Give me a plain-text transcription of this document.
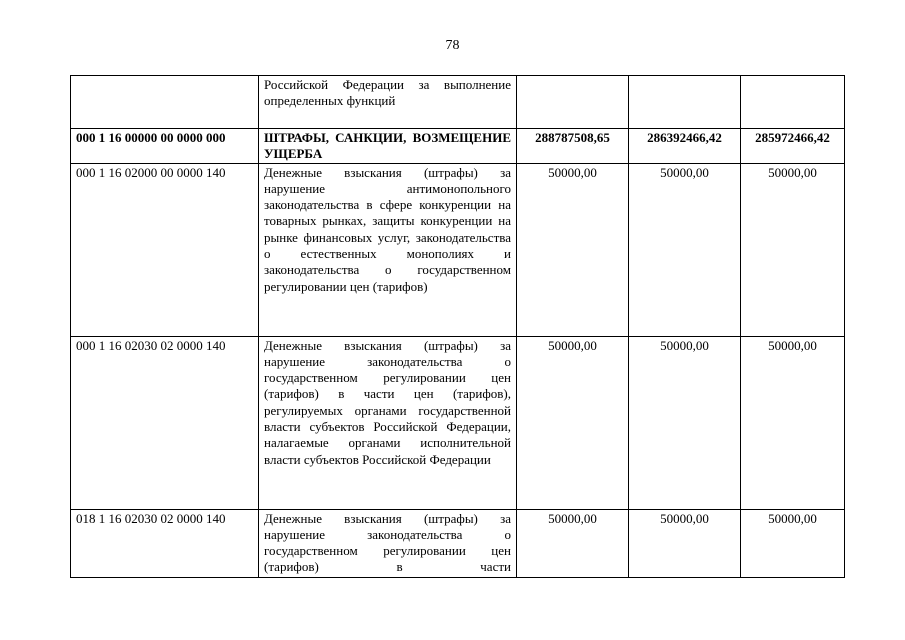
78
	Российской Федерации за выполнение определенных функций			
000 1 16 00000 00 0000 000	ШТРАФЫ, САНКЦИИ, ВОЗМЕЩЕНИЕ УЩЕРБА	288787508,65	286392466,42	285972466,42
000 1 16 02000 00 0000 140	Денежные взыскания (штрафы) за нарушение антимонопольного законодательства в сфере конкуренции на товарных рынках, защиты конкуренции на рынке финансовых услуг, законодательства о естественных монополиях и законодательства о государственном регулировании цен (тарифов)	50000,00	50000,00	50000,00
000 1 16 02030 02 0000 140	Денежные взыскания (штрафы) за нарушение законодательства о государственном регулировании цен (тарифов) в части цен (тарифов), регулируемых органами государственной власти субъектов Российской Федерации, налагаемые органами исполнительной власти субъектов Российской Федерации	50000,00	50000,00	50000,00
018 1 16 02030 02 0000 140	Денежные взыскания (штрафы) за нарушение законодательства о государственном регулировании цен (тарифов) в части	50000,00	50000,00	50000,00
